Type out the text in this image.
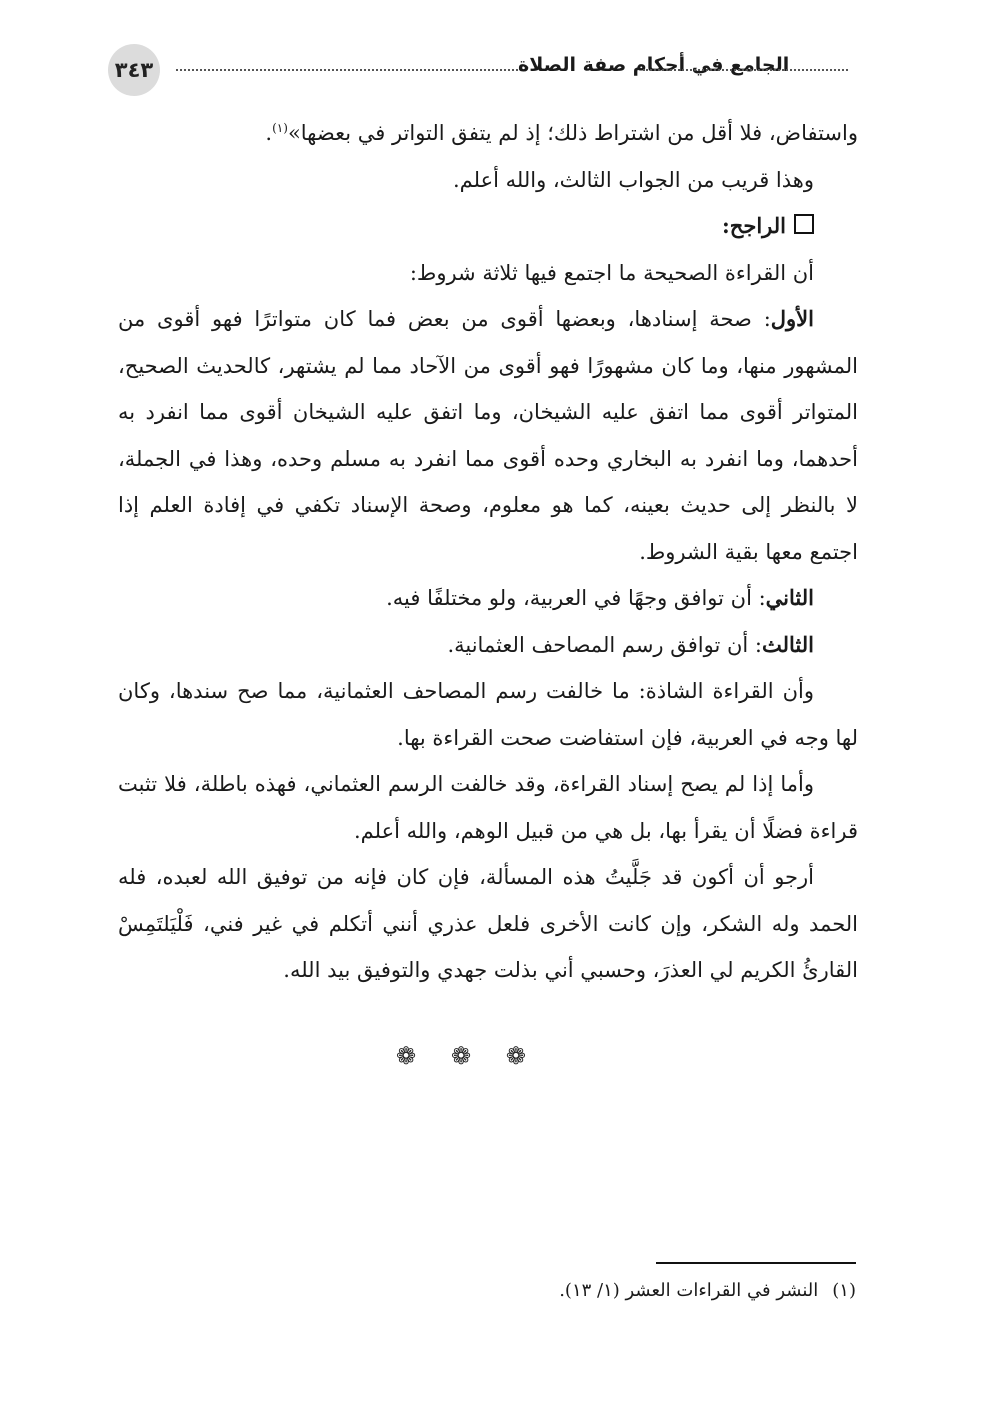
٣٤٣	الجامع في أحكام صفة الصلاة

واستفاض، فلا أقل من اشتراط ذلك؛ إذ لم يتفق التواتر في بعضها»$^{(١)}$.

وهذا قريب من الجواب الثالث، والله أعلم.

الراجح:

أن القراءة الصحيحة ما اجتمع فيها ثلاثة شروط:

الأول: صحة إسنادها، وبعضها أقوى من بعض فما كان متواترًا فهو أقوى من المشهور منها، وما كان مشهورًا فهو أقوى من الآحاد مما لم يشتهر، كالحديث الصحيح، المتواتر أقوى مما اتفق عليه الشيخان، وما اتفق عليه الشيخان أقوى مما انفرد به أحدهما، وما انفرد به البخاري وحده أقوى مما انفرد به مسلم وحده، وهذا في الجملة، لا بالنظر إلى حديث بعينه، كما هو معلوم، وصحة الإسناد تكفي في إفادة العلم إذا اجتمع معها بقية الشروط.

الثاني: أن توافق وجهًا في العربية، ولو مختلفًا فيه.

الثالث: أن توافق رسم المصاحف العثمانية.

وأن القراءة الشاذة: ما خالفت رسم المصاحف العثمانية، مما صح سندها، وكان لها وجه في العربية، فإن استفاضت صحت القراءة بها.

وأما إذا لم يصح إسناد القراءة، وقد خالفت الرسم العثماني، فهذه باطلة، فلا تثبت قراءة فضلًا أن يقرأ بها، بل هي من قبيل الوهم، والله أعلم.

أرجو أن أكون قد جَلَّيتُ هذه المسألة، فإن كان فإنه من توفيق الله لعبده، فله الحمد وله الشكر، وإن كانت الأخرى فلعل عذري أنني أتكلم في غير فني، فَلْيَلتَمِسْ القارئُ الكريم لي العذرَ، وحسبي أني بذلت جهدي والتوفيق بيد الله.

❁ ❁ ❁
(١)النشر في القراءات العشر (١/ ١٣).
